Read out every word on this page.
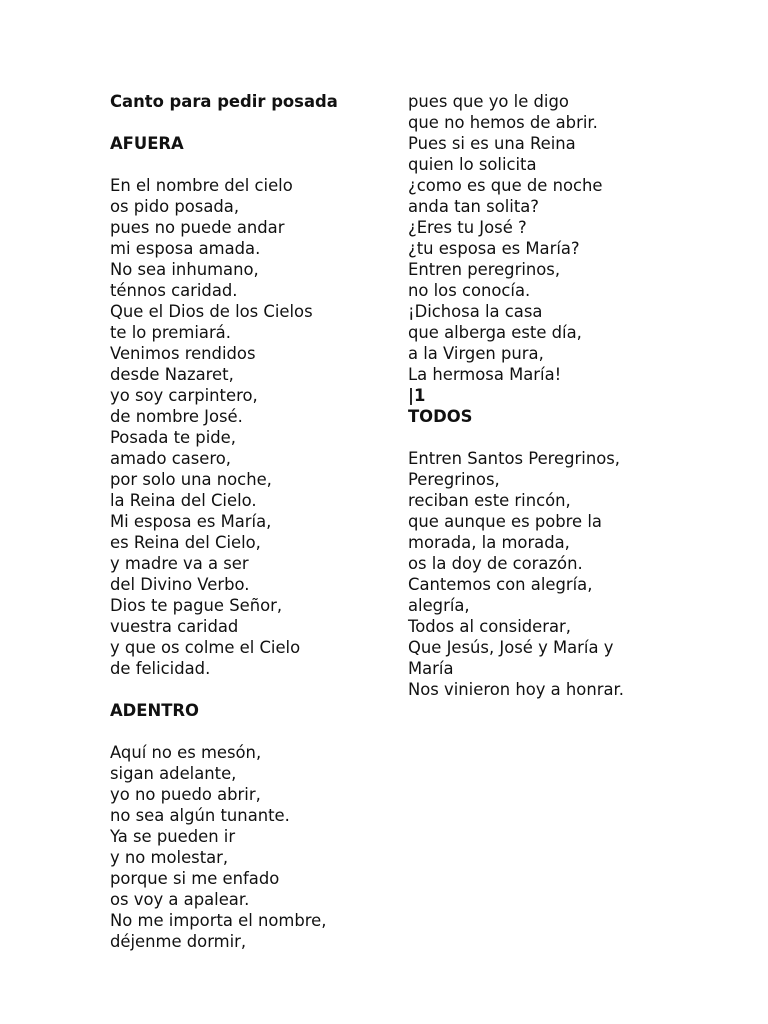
Canto para pedir posada
AFUERA
En el nombre del cielo
os pido posada,
pues no puede andar
mi esposa amada.
No sea inhumano,
ténnos caridad.
Que el Dios de los Cielos
te lo premiará.
Venimos rendidos
desde Nazaret,
yo soy carpintero,
de nombre José.
Posada te pide,
amado casero,
por solo una noche,
la Reina del Cielo.
Mi esposa es María,
es Reina del Cielo,
y madre va a ser
del Divino Verbo.
Dios te pague Señor,
vuestra caridad
y que os colme el Cielo
de felicidad.
ADENTRO
Aquí no es mesón,
sigan adelante,
yo no puedo abrir,
no sea algún tunante.
Ya se pueden ir
y no molestar,
porque si me enfado
os voy a apalear.
No me importa el nombre,
déjenme dormir,
pues que yo le digo
que no hemos de abrir.
Pues si es una Reina
quien lo solicita
¿como es que de noche
anda tan solita?
¿Eres tu José ?
¿tu esposa es María?
Entren peregrinos,
no los conocía.
¡Dichosa la casa
que alberga este día,
a la Virgen pura,
La hermosa María!
|1
TODOS
Entren Santos Peregrinos,
Peregrinos,
reciban este rincón,
que aunque es pobre la
morada, la morada,
os la doy de corazón.
Cantemos con alegría,
alegría,
Todos al considerar,
Que Jesús, José y María y
María
Nos vinieron hoy a honrar.
